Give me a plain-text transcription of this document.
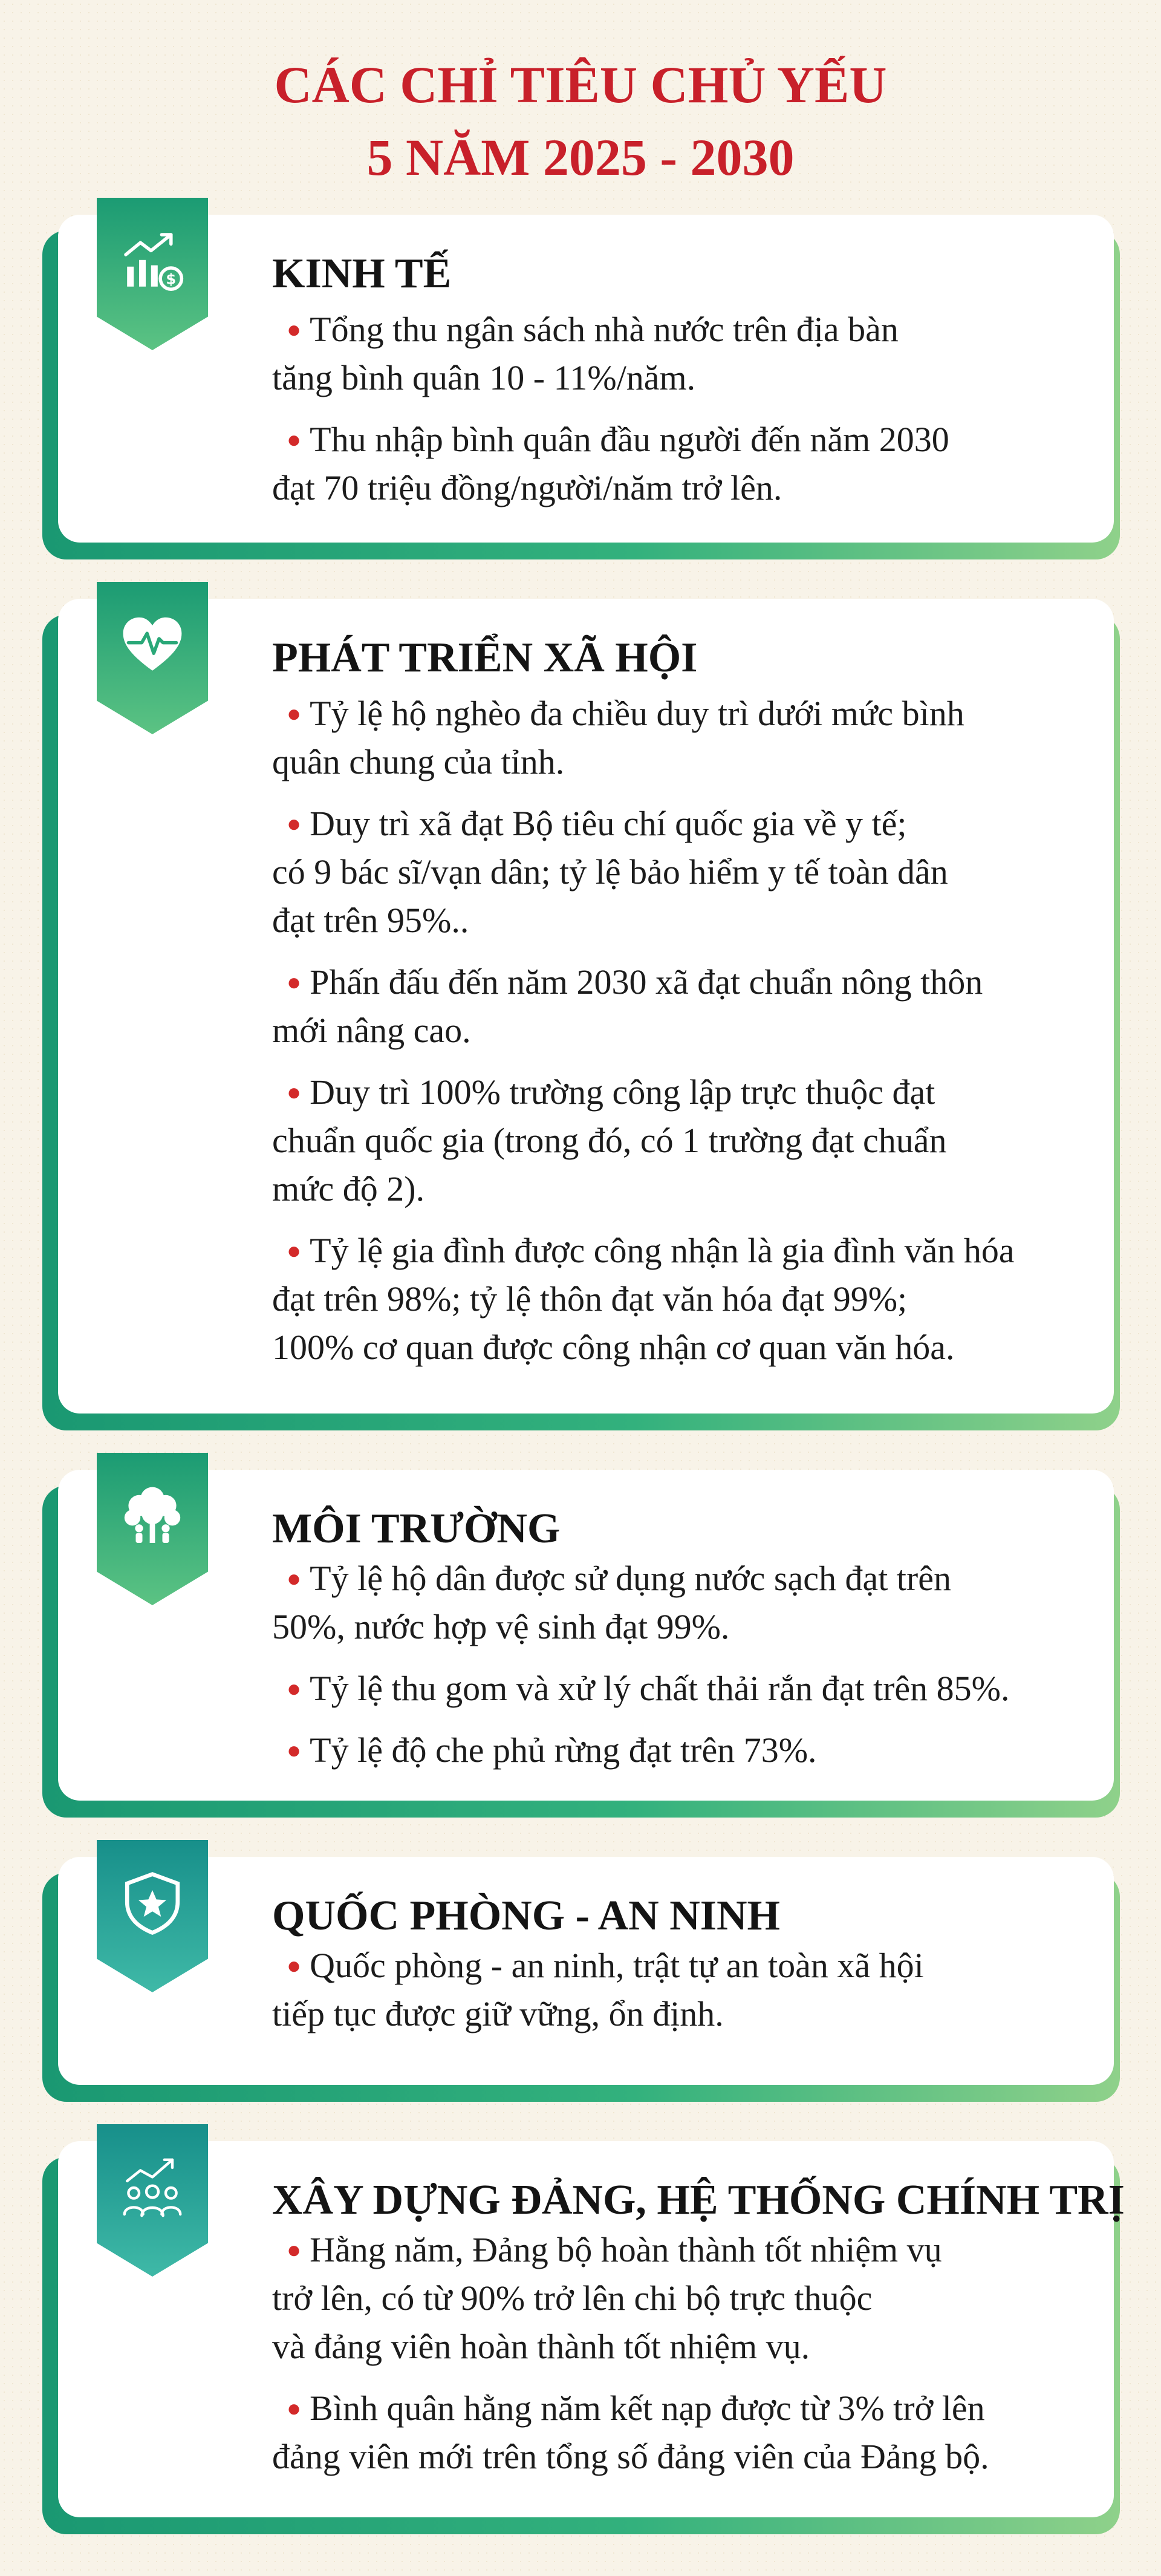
CÁC CHỈ TIÊU CHỦ YẾU
5 NĂM 2025 - 2030
$ KINH TẾ
● Tổng thu ngân sách nhà nước trên địa bàn
tăng bình quân 10 - 11%/năm.
● Thu nhập bình quân đầu người đến năm 2030
đạt 70 triệu đồng/người/năm trở lên.
PHÁT TRIỂN XÃ HỘI
● Tỷ lệ hộ nghèo đa chiều duy trì dưới mức bình
quân chung của tỉnh.
● Duy trì xã đạt Bộ tiêu chí quốc gia về y tế;
có 9 bác sĩ/vạn dân; tỷ lệ bảo hiểm y tế toàn dân
đạt trên 95%..
● Phấn đấu đến năm 2030 xã đạt chuẩn nông thôn
mới nâng cao.
● Duy trì 100% trường công lập trực thuộc đạt
chuẩn quốc gia (trong đó, có 1 trường đạt chuẩn
mức độ 2).
● Tỷ lệ gia đình được công nhận là gia đình văn hóa
đạt trên 98%; tỷ lệ thôn đạt văn hóa đạt 99%;
100% cơ quan được công nhận cơ quan văn hóa.
MÔI TRƯỜNG
● Tỷ lệ hộ dân được sử dụng nước sạch đạt trên
50%, nước hợp vệ sinh đạt 99%.
● Tỷ lệ thu gom và xử lý chất thải rắn đạt trên 85%.
● Tỷ lệ độ che phủ rừng đạt trên 73%.
QUỐC PHÒNG - AN NINH
● Quốc phòng - an ninh, trật tự an toàn xã hội
tiếp tục được giữ vững, ổn định.
XÂY DỰNG ĐẢNG, HỆ THỐNG CHÍNH TRỊ
● Hằng năm, Đảng bộ hoàn thành tốt nhiệm vụ
trở lên, có từ 90% trở lên chi bộ trực thuộc
và đảng viên hoàn thành tốt nhiệm vụ.
● Bình quân hằng năm kết nạp được từ 3% trở lên
đảng viên mới trên tổng số đảng viên của Đảng bộ.
